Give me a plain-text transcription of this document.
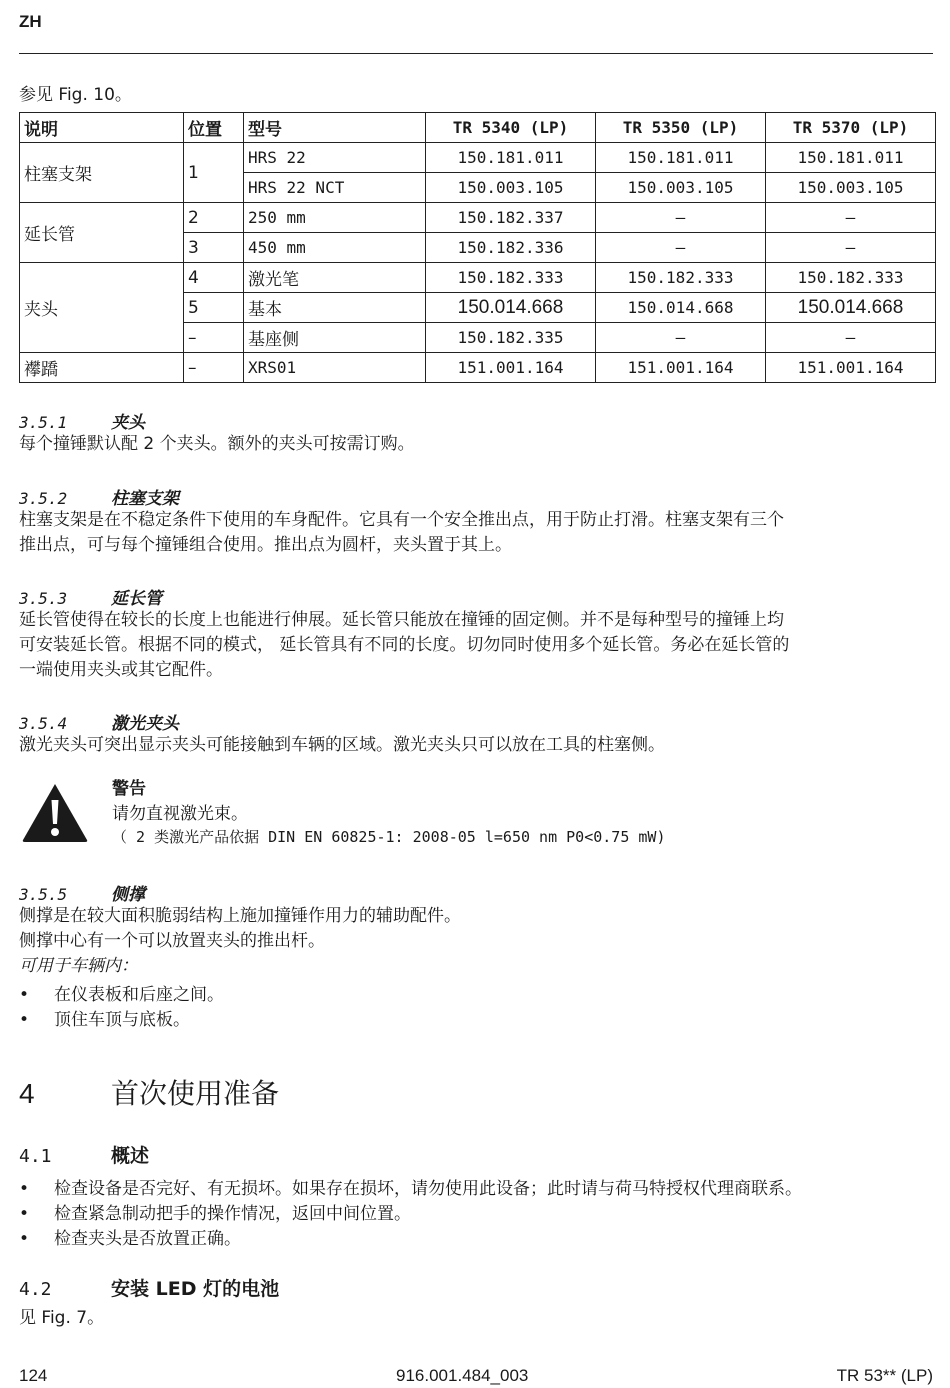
ZH
参见 Fig. 10。
说明	位置	型号	TR 5340 (LP)	TR 5350 (LP)	TR 5370 (LP)
柱塞支架	1	HRS 22	150.181.011	150.181.011	150.181.011
		HRS 22 NCT	150.003.105	150.003.105	150.003.105
延长管	2	250 mm	150.182.337	–	–
	3	450 mm	150.182.336	–	–
夹头	4	激光笔	150.182.333	150.182.333	150.182.333
	5	基本	150.014.668	150.014.668	150.014.668
	–	基座侧	150.182.335	–	–
襻蹻	–	XRS01	151.001.164	151.001.164	151.001.164
3.5.1	夹头
每个撞锤默认配 2 个夹头。额外的夹头可按需订购。
3.5.2	柱塞支架
柱塞支架是在不稳定条件下使用的车身配件。它具有一个安全推出点，用于防止打滑。柱塞支架有三个
推出点，可与每个撞锤组合使用。推出点为圆杆，夹头置于其上。
3.5.3	延长管
延长管使得在较长的长度上也能进行伸展。延长管只能放在撞锤的固定侧。并不是每种型号的撞锤上均
可安装延长管。根据不同的模式， 延长管具有不同的长度。切勿同时使用多个延长管。务必在延长管的
一端使用夹头或其它配件。
3.5.4	激光夹头
激光夹头可突出显示夹头可能接触到车辆的区域。激光夹头只可以放在工具的柱塞侧。
警告
请勿直视激光束。
（ 2 类激光产品依据 DIN EN 60825-1: 2008-05 l=650 nm P0<0.75 mW)
3.5.5	侧撑
侧撑是在较大面积脆弱结构上施加撞锤作用力的辅助配件。
侧撑中心有一个可以放置夹头的推出杆。
可用于车辆内：
• 在仪表板和后座之间。
• 顶住车顶与底板。
4	首次使用准备
4.1	概述
• 检查设备是否完好、有无损坏。如果存在损坏，请勿使用此设备；此时请与荷马特授权代理商联系。
• 检查紧急制动把手的操作情况，返回中间位置。
• 检查夹头是否放置正确。
4.2	安装 LED 灯的电池
见 Fig. 7。
124	916.001.484_003	TR 53** (LP)
